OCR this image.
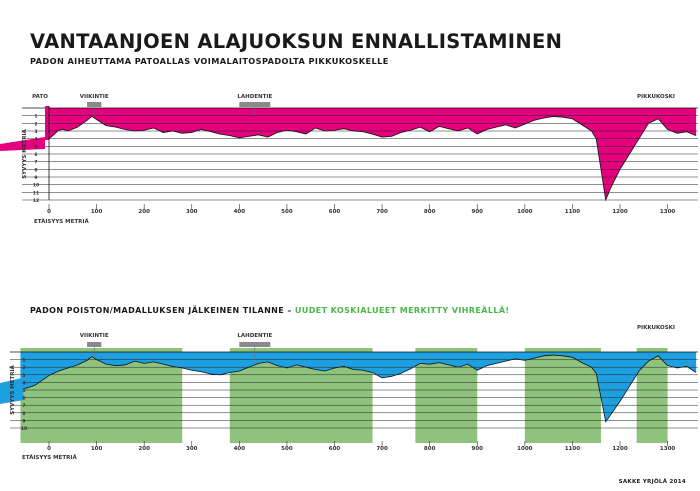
VANTAANJOEN ALAJUOKSUN ENNALLISTAMINEN
PADON AIHEUTTAMA PATOALLAS VOIMALAITOSPADOLTA PIKKUKOSKELLE
PADON POISTON/MADALLUKSEN JÄLKEINEN TILANNE – UUDET KOSKIALUEET MERKITTY VIHREÄLLÄ!
SAKKE YRJÖLÄ 2014
1
2
3
4
5
6
7
8
9
10
11
12
SYVYYS METRIÄ
0	100	200	300	400	500	600	700	800	900	1000	1100	1200	1300
ETÄISYYS METRIÄ
VIIKINTIE	LAHDENTIE	PIKKUKOSKI
PATO
1
2
3
4
5
6
7
8
9
10
SYVYYS METRIÄ
0	100	200	300	400	500	600	700	800	900	1000	1100	1200	1300
ETÄISYYS METRIÄ
VIIKINTIE	LAHDENTIE
PIKKUKOSKI
